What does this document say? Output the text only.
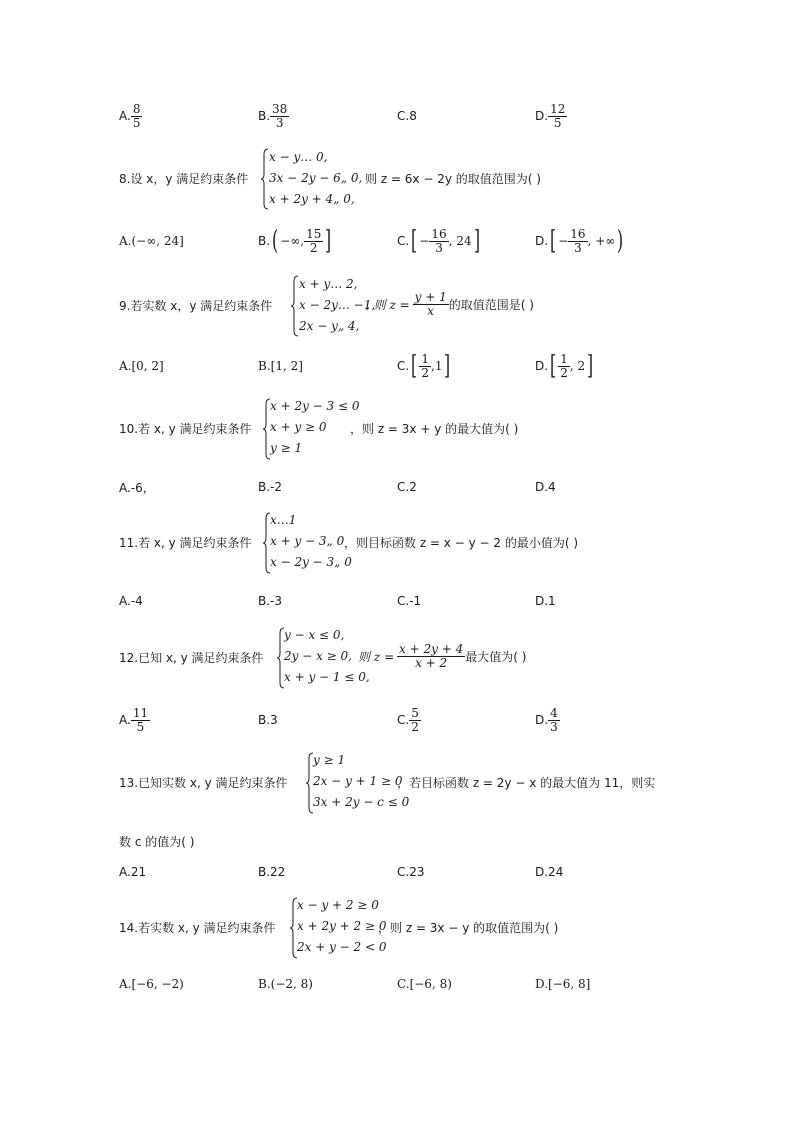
A. $\frac{8}{5}$	B. $\frac{38}{3}$	C.8	D. $\frac{12}{5}$
8.设 x，y 满足约束条件
x − y… 0,
3x − 2y − 6„ 0,
x + 2y + 4„ 0,
则 z = 6x − 2y 的取值范围为( )
A.(−∞, 24]	B. ( −∞, $\frac{15}{2}$ ]	C. [ − $\frac{16}{3}$ , 24 ]	D. [ − $\frac{16}{3}$ , +∞ )
9.若实数 x，y 满足约束条件
x + y… 2,
x − 2y… −1,
2x − y„ 4,
, 则 $z = \frac{y + 1}{x}$ 的取值范围是( )
A.[0, 2]	B.[1, 2]	C. [ $\frac{1}{2} ,1$ ]	D. [ $\frac{1}{2}$ , 2 ]
10.若 x, y 满足约束条件
x + 2y − 3 ≤ 0
x + y ≥ 0
y ≥ 1
，则 z = 3x + y 的最大值为( )
A.-6，	B.-2	C.2	D.4
11.若 x, y 满足约束条件
x…1
x + y − 3„ 0
x − 2y − 3„ 0
，则目标函数 z = x − y − 2 的最小值为( )
A.-4	B.-3	C.-1	D.1
12.已知 x, y 满足约束条件
y − x ≤ 0,
2y − x ≥ 0,
x + y − 1 ≤ 0,
则 $z = \frac{x + 2y + 4}{x + 2}$ 最大值为( )
A. $\frac{11}{5}$	B.3	C. $\frac{5}{2}$	D. $\frac{4}{3}$
13.已知实数 x, y 满足约束条件
y ≥ 1
2x − y + 1 ≥ 0
3x + 2y − c ≤ 0
，若目标函数 z = 2y − x 的最大值为 11，则实
数 c 的值为( )
A.21	B.22	C.23	D.24
14.若实数 x, y 满足约束条件
x − y + 2 ≥ 0
x + 2y + 2 ≥ 0
2x + y − 2 < 0
，则 z = 3x − y 的取值范围为( )
A.[−6, −2)	B.(−2, 8)	C.[−6, 8)	D.[−6, 8]
